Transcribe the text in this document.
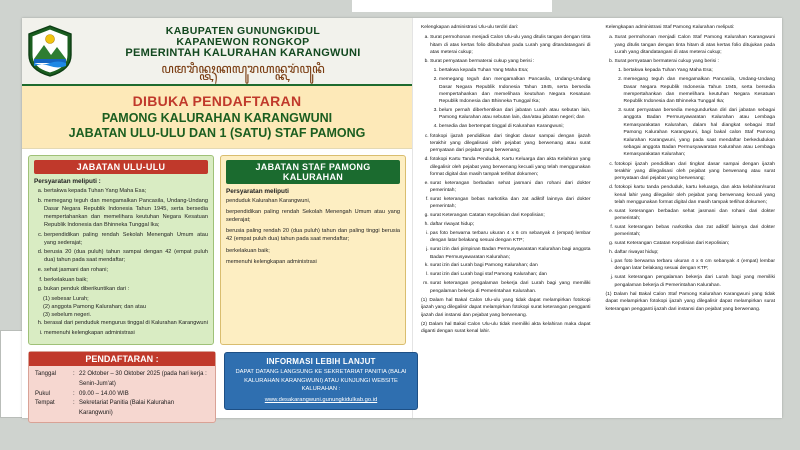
KABUPATEN GUNUNGKIDUL
KAPANEWON RONGKOP
PEMERINTAH KALURAHAN KARANGWUNI
ꦥꦩꦫꦶꦤ꧀ꦠꦃꦏꦭꦸꦫꦲꦤ꧀ꦏꦫꦁꦮꦸꦤꦶ
DIBUKA PENDAFTARAN
PAMONG KALURAHAN KARANGWUNI
JABATAN ULU-ULU DAN 1 (SATU) STAF PAMONG
JABATAN ULU-ULU
Persyaratan meliputi :
a. bertakwa kepada Tuhan Yang Maha Esa;
b. memegang teguh dan mengamalkan Pancasila, Undang-Undang Dasar Negara Republik Indonesia Tahun 1945, serta bersedia mempertahankan dan memelihara keutuhan Negara Kesatuan Republik Indonesia dan Bhinneka Tunggal Ika;
c. berpendidikan paling rendah Sekolah Menengah Umum atau yang sederajat;
d. berusia 20 (dua puluh) tahun sampai dengan 42 (empat puluh dua) tahun pada saat mendaftar;
e. sehat jasmani dan rohani;
f. berkelakuan baik;
g. bukan penduk diberikuntikan dari :

(1) sebesar Lurah;

(2) anggota Pamong Kalurahan; dan atau

(3) sebelum negeri.

h. berasal dari penduduk mengurus tinggal di Kalurahan Karangwuni
i. memenuhi kelengkapan administrasi
JABATAN STAF PAMONG KALURAHAN
Persyaratan meliputi

penduduk Kalurahan Karangwuni,

berpendidikan paling rendah Sekolah Menengah Umum atau yang sederajat;

berusia paling rendah 20 (dua puluh) tahun dan paling tinggi berusia 42 (empat puluh dua) tahun pada saat mendaftar;

berkelakuan baik;

memenuhi kelengkapan administrasi

PENDAFTARAN :
Tanggal	: 22 Oktober – 30 Oktober 2025 (pada hari kerja : Senin-Jum'at)
Pukul	: 09.00 – 14.00 WIB
Tempat	: Sekretariat Panitia (Balai Kalurahan Karangwuni)
INFORMASI LEBIH LANJUT
DAPAT DATANG LANGSUNG KE SEKRETARIAT PANITIA (BALAI KALURAHAN KARANGWUNI) ATAU KUNJUNGI WEBSITE KALURAHAN :
www.desakarangwuni.gunungkidulkab.go.id

Kelengkapan administrasi Ulu-ulu terdiri dari:

a. Surat permohonan menjadi Calon Ulu-ulu yang ditulis tangan dengan tinta hitam di atas kertas folio dibubuhan pada Lurah yang ditandatangani di atas meterai cukup;
b. Surat pernyataan bermaterai cukup yang berisi :
1. bertakwa kepada Tuhan Yang Maha Esa;
2. memegang teguh dan mengamalkan Pancasila, Undang-Undang Dasar Negara Republik Indonesia Tahun 1945, serta bersedia mempertahankan dan memelihara keutuhan Negara Kesatuan Republik Indonesia dan Bhinneka Tunggal Ika;
3. belum pernah diberhentikan dari jabatan Lurah atau sebutan lain, Pamong Kalurahan atau sebutan lain, dan/atau jabatan negeri; dan
4. bersedia dan bertempat tinggal di Kalurahan Karangwuni;
c. fotokopi ijazah pendidikan dari tingkat dasar sampai dengan ijazah terakhir yang dilegalisasi oleh pejabat yang berwenang atau surat pernyataan dari pejabat yang berwenang;
d. fotokopi Kartu Tanda Penduduk, Kartu Keluarga dan akta Kelahiran yang dilegalisir oleh pejabat yang berwenang kecuali yang telah menggunakan format digital dan masih tampak terlihat dokumen;
e. surat keterangan berbadan sehat jasmani dan rohani dari dokter pemerintah;
f. surat keterangan bebas narkotika dan zat adiktif lainnya dari dokter pemerintah;
g. surat Keterangan Catatan Kepolisian dari Kepolisian;
h. daftar riwayat hidup;
i. pas foto berwarna terbaru ukuran 4 x 6 cm sebanyak 4 (empat) lembar dengan latar belakang sesuai dengan KTP;
j. surat izin dari pimpinan Badan Permusyawaratan Kalurahan bagi anggota Badan Permusyawaratan Kalurahan;
k. surat izin dari Lurah bagi Pamong Kalurahan; dan
l. surat izin dari Lurah bagi staf Pamong Kalurahan; dan
m. surat keterangan pengalaman bekerja dari Lurah bagi yang memiliki pengalaman bekerja di Pemerintahan Kalurahan.

(1) Dalam hal Bakal Calon Ulu-ulu yang tidak dapat melampirkan fotokopi ijazah yang dilegalisir dapat melampirkan fotokopi surat keterangan pengganti ijazah dari instansi dan pejabat yang berwenang.

(2) Dalam hal Bakal Calon Ulu-ulu tidak memiliki akta kelahiran maka dapat diganti dengan surat kenal lahir.

Kelengkapan administrasi Staf Pamong Kalurahan meliputi:

a. Surat permohonan menjadi Calon Staf Pamong Kalurahan Karangwuni yang ditulis tangan dengan tinta hitam di atas kertas folio ditujukan pada Lurah yang ditandatangani di atas meterai cukup;
b. Surat pernyataan bermaterai cukup yang berisi :
1. bertakwa kepada Tuhan Yang Maha Esa;
2. memegang teguh dan mengamalkan Pancasila, Undang-Undang Dasar Negara Republik Indonesia Tahun 1945, serta bersedia mempertahankan dan memelihara keutuhan Negara Kesatuan Republik Indonesia dan Bhinneka Tunggal Ika;
3. surat pernyataan bersedia mengundurkan diri dari jabatan sebagai anggota Badan Permusyawaratan Kalurahan atau Lembaga Kemasyarakatan Kalurahan, dalam hal diangkat sebagai Staf Pamong Kalurahan Karangwuni, bagi bakal calon Staf Pamong Kalurahan Karangwuni, yang pada saat mendaftar berkedudukan sebagai anggota Badan Permusyawaratan Kalurahan atau Lembaga Kemasyarakatan Kalurahan;
c. fotokopi ijazah pendidikan dari tingkat dasar sampai dengan ijazah terakhir yang dilegalisasi oleh pejabat yang berwenang atau surat pernyataan dari pejabat yang berwenang;
d. fotokopi kartu tanda penduduk, kartu keluarga, dan akta kelahiran/surat kenal lahir yang dilegalisir oleh pejabat yang berwenang kecuali yang telah menggunakan format digital dan masih tampak terlihat dokumen;
e. surat keterangan berbadan sehat jasmani dan rohani dari dokter pemerintah;
f. surat keterangan bebas narkotika dan zat adiktif lainnya dari dokter pemerintah;
g. surat Keterangan Catatan Kepolisian dari Kepolisian;
h. daftar riwayat hidup;
i. pas foto berwarna terbaru ukuran 4 x 6 cm sebanyak 4 (empat) lembar dengan latar belakang sesuai dengan KTP;
j. surat keterangan pengalaman bekerja dari Lurah bagi yang memiliki pengalaman bekerja di Pemerintahan Kalurahan.

(1) Dalam hal Bakal Calon Staf Pamong Kalurahan Karangwuni yang tidak dapat melampirkan fotokopi ijazah yang dilegalisir dapat melampirkan surat keterangan pengganti ijazah dari instansi dan pejabat yang berwenang.
